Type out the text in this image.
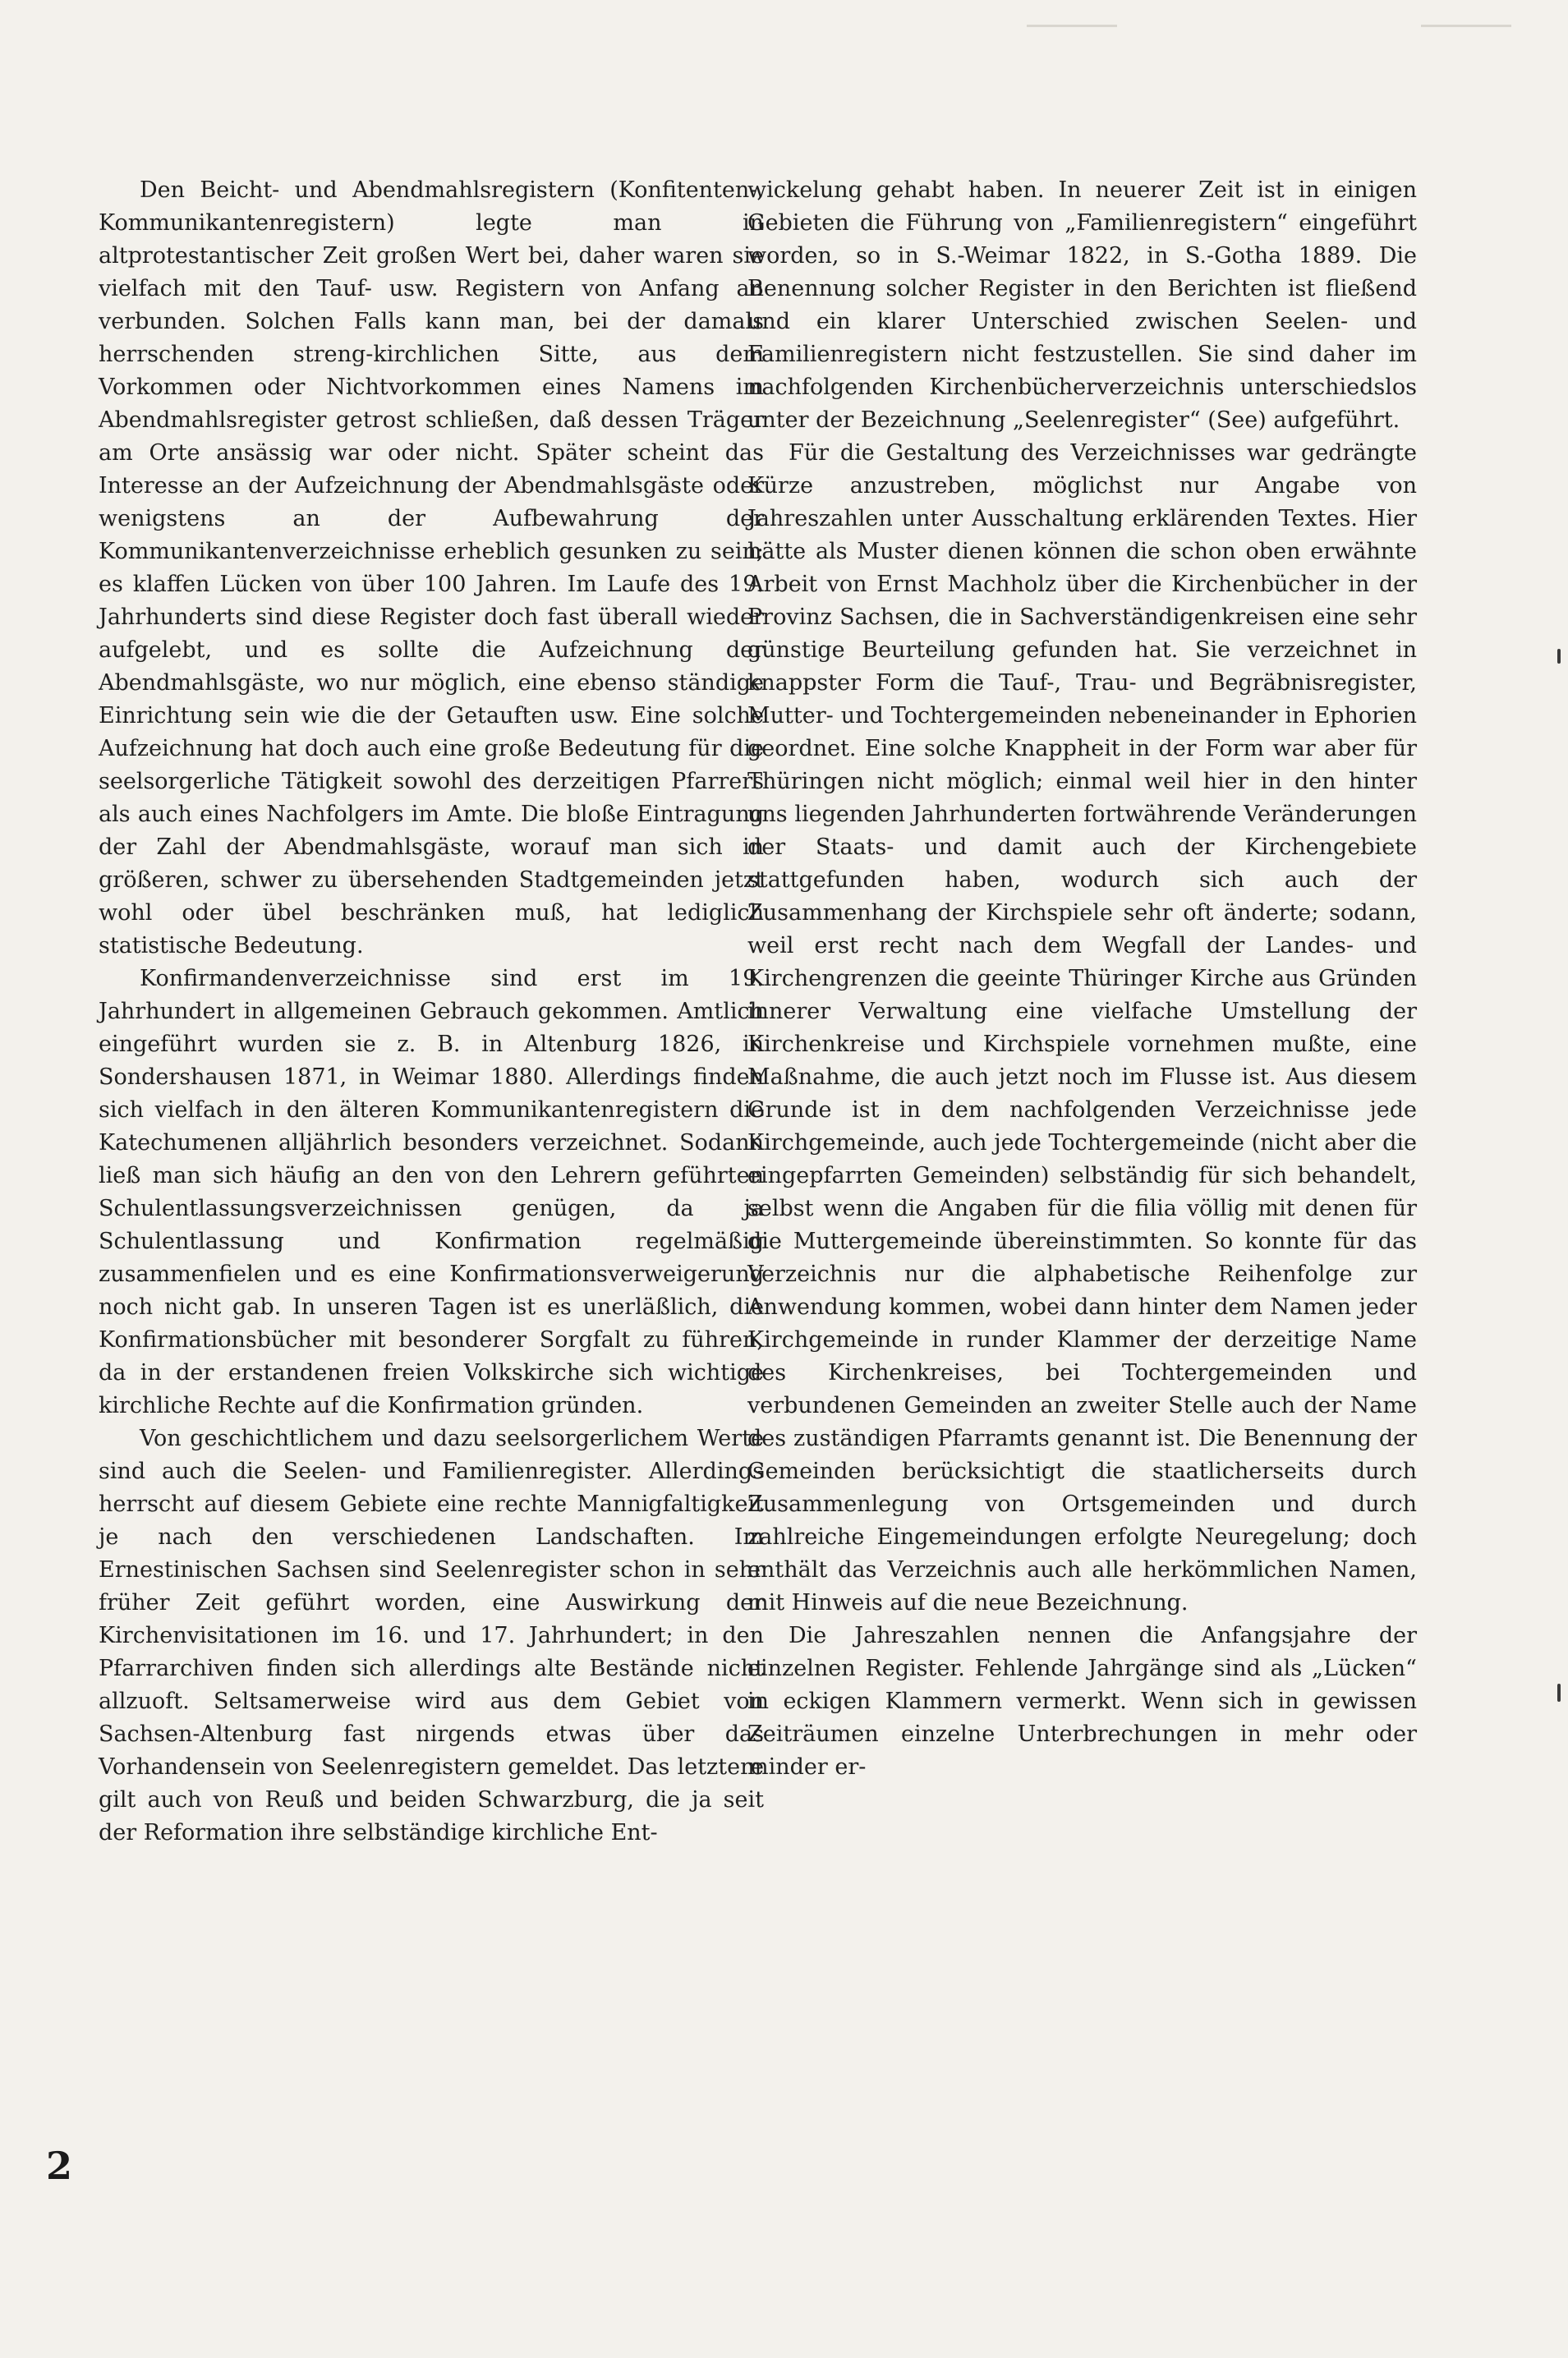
Den Beicht- und Abendmahlsregistern (Konfitenten-, Kommunikantenregistern) legte man in altprotestantischer Zeit großen Wert bei, daher waren sie vielfach mit den Tauf- usw. Registern von Anfang an verbunden. Solchen Falls kann man, bei der damals herrschenden streng-kirchlichen Sitte, aus dem Vorkommen oder Nichtvorkommen eines Namens im Abendmahlsregister getrost schließen, daß dessen Träger am Orte ansässig war oder nicht. Später scheint das Interesse an der Aufzeichnung der Abendmahlsgäste oder wenigstens an der Aufbewahrung der Kommunikantenverzeichnisse erheblich gesunken zu sein; es klaffen Lücken von über 100 Jahren. Im Laufe des 19. Jahrhunderts sind diese Register doch fast überall wieder aufgelebt, und es sollte die Aufzeichnung der Abendmahlsgäste, wo nur möglich, eine ebenso ständige Einrichtung sein wie die der Getauften usw. Eine solche Aufzeichnung hat doch auch eine große Bedeutung für die seelsorgerliche Tätigkeit sowohl des derzeitigen Pfarrers als auch eines Nachfolgers im Amte. Die bloße Eintragung der Zahl der Abendmahlsgäste, worauf man sich in größeren, schwer zu übersehenden Stadtgemeinden jetzt wohl oder übel beschränken muß, hat lediglich statistische Bedeutung.

Konfirmandenverzeichnisse sind erst im 19. Jahrhundert in allgemeinen Gebrauch gekommen. Amtlich eingeführt wurden sie z. B. in Altenburg 1826, in Sondershausen 1871, in Weimar 1880. Allerdings finden sich vielfach in den älteren Kommunikantenregistern die Katechumenen alljährlich besonders verzeichnet. Sodann ließ man sich häufig an den von den Lehrern geführten Schulentlassungsverzeichnissen genügen, da ja Schulentlassung und Konfirmation regelmäßig zusammenfielen und es eine Konfirmationsverweigerung noch nicht gab. In unseren Tagen ist es unerläßlich, die Konfirmationsbücher mit besonderer Sorgfalt zu führen, da in der erstandenen freien Volkskirche sich wichtige kirchliche Rechte auf die Konfirmation gründen.

Von geschichtlichem und dazu seelsorgerlichem Werte sind auch die Seelen- und Familienregister. Allerdings herrscht auf diesem Gebiete eine rechte Mannigfaltigkeit je nach den verschiedenen Landschaften. Im Ernestinischen Sachsen sind Seelenregister schon in sehr früher Zeit geführt worden, eine Auswirkung der Kirchenvisitationen im 16. und 17. Jahrhundert; in den Pfarrarchiven finden sich allerdings alte Bestände nicht allzuoft. Seltsamerweise wird aus dem Gebiet von Sachsen-Altenburg fast nirgends etwas über das Vorhandensein von Seelenregistern gemeldet. Das letztere gilt auch von Reuß und beiden Schwarzburg, die ja seit der Reformation ihre selbständige kirchliche Ent-

wickelung gehabt haben. In neuerer Zeit ist in einigen Gebieten die Führung von „Familienregistern“ eingeführt worden, so in S.-Weimar 1822, in S.-Gotha 1889. Die Benennung solcher Register in den Berichten ist fließend und ein klarer Unterschied zwischen Seelen- und Familienregistern nicht festzustellen. Sie sind daher im nachfolgenden Kirchenbücherverzeichnis unterschiedslos unter der Bezeichnung „Seelenregister“ (See) aufgeführt.

Für die Gestaltung des Verzeichnisses war gedrängte Kürze anzustreben, möglichst nur Angabe von Jahreszahlen unter Ausschaltung erklärenden Textes. Hier hätte als Muster dienen können die schon oben erwähnte Arbeit von Ernst Machholz über die Kirchenbücher in der Provinz Sachsen, die in Sachverständigenkreisen eine sehr günstige Beurteilung gefunden hat. Sie verzeichnet in knappster Form die Tauf-, Trau- und Begräbnisregister, Mutter- und Tochtergemeinden nebeneinander in Ephorien geordnet. Eine solche Knappheit in der Form war aber für Thüringen nicht möglich; einmal weil hier in den hinter uns liegenden Jahrhunderten fortwährende Veränderungen der Staats- und damit auch der Kirchengebiete stattgefunden haben, wodurch sich auch der Zusammenhang der Kirchspiele sehr oft änderte; sodann, weil erst recht nach dem Wegfall der Landes- und Kirchengrenzen die geeinte Thüringer Kirche aus Gründen innerer Verwaltung eine vielfache Umstellung der Kirchenkreise und Kirchspiele vornehmen mußte, eine Maßnahme, die auch jetzt noch im Flusse ist. Aus diesem Grunde ist in dem nachfolgenden Verzeichnisse jede Kirchgemeinde, auch jede Tochtergemeinde (nicht aber die eingepfarrten Gemeinden) selbständig für sich behandelt, selbst wenn die Angaben für die filia völlig mit denen für die Muttergemeinde übereinstimmten. So konnte für das Verzeichnis nur die alphabetische Reihenfolge zur Anwendung kommen, wobei dann hinter dem Namen jeder Kirchgemeinde in runder Klammer der derzeitige Name des Kirchenkreises, bei Tochtergemeinden und verbundenen Gemeinden an zweiter Stelle auch der Name des zuständigen Pfarramts genannt ist. Die Benennung der Gemeinden berücksichtigt die staatlicherseits durch Zusammenlegung von Ortsgemeinden und durch zahlreiche Eingemeindungen erfolgte Neuregelung; doch enthält das Verzeichnis auch alle herkömmlichen Namen, mit Hinweis auf die neue Bezeichnung.

Die Jahreszahlen nennen die Anfangsjahre der einzelnen Register. Fehlende Jahrgänge sind als „Lücken“ in eckigen Klammern vermerkt. Wenn sich in gewissen Zeiträumen einzelne Unterbrechungen in mehr oder minder er-

2
